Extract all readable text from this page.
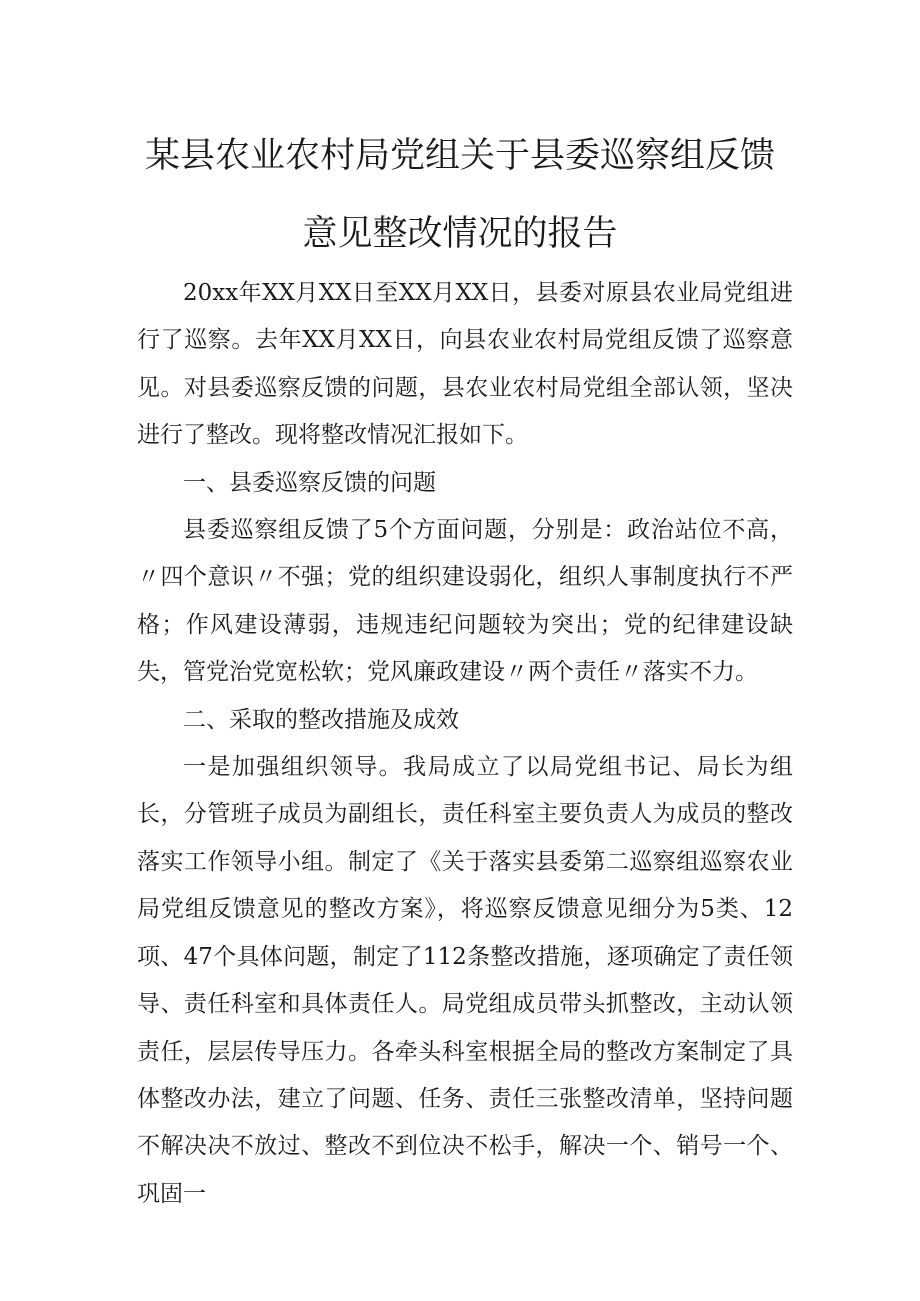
某县农业农村局党组关于县委巡察组反馈
意见整改情况的报告

20xx年XX月XX日至XX月XX日，县委对原县农业局党组进行了巡察。去年XX月XX日，向县农业农村局党组反馈了巡察意见。对县委巡察反馈的问题，县农业农村局党组全部认领，坚决进行了整改。现将整改情况汇报如下。

一、县委巡察反馈的问题

县委巡察组反馈了5个方面问题，分别是：政治站位不高，〃四个意识〃不强；党的组织建设弱化，组织人事制度执行不严格；作风建设薄弱，违规违纪问题较为突出；党的纪律建设缺失，管党治党宽松软；党风廉政建设〃两个责任〃落实不力。

二、采取的整改措施及成效

一是加强组织领导。我局成立了以局党组书记、局长为组长，分管班子成员为副组长，责任科室主要负责人为成员的整改落实工作领导小组。制定了《关于落实县委第二巡察组巡察农业局党组反馈意见的整改方案》，将巡察反馈意见细分为5类、12项、47个具体问题，制定了112条整改措施，逐项确定了责任领导、责任科室和具体责任人。局党组成员带头抓整改，主动认领责任，层层传导压力。各牵头科室根据全局的整改方案制定了具体整改办法，建立了问题、任务、责任三张整改清单，坚持问题不解决决不放过、整改不到位决不松手，解决一个、销号一个、巩固一
